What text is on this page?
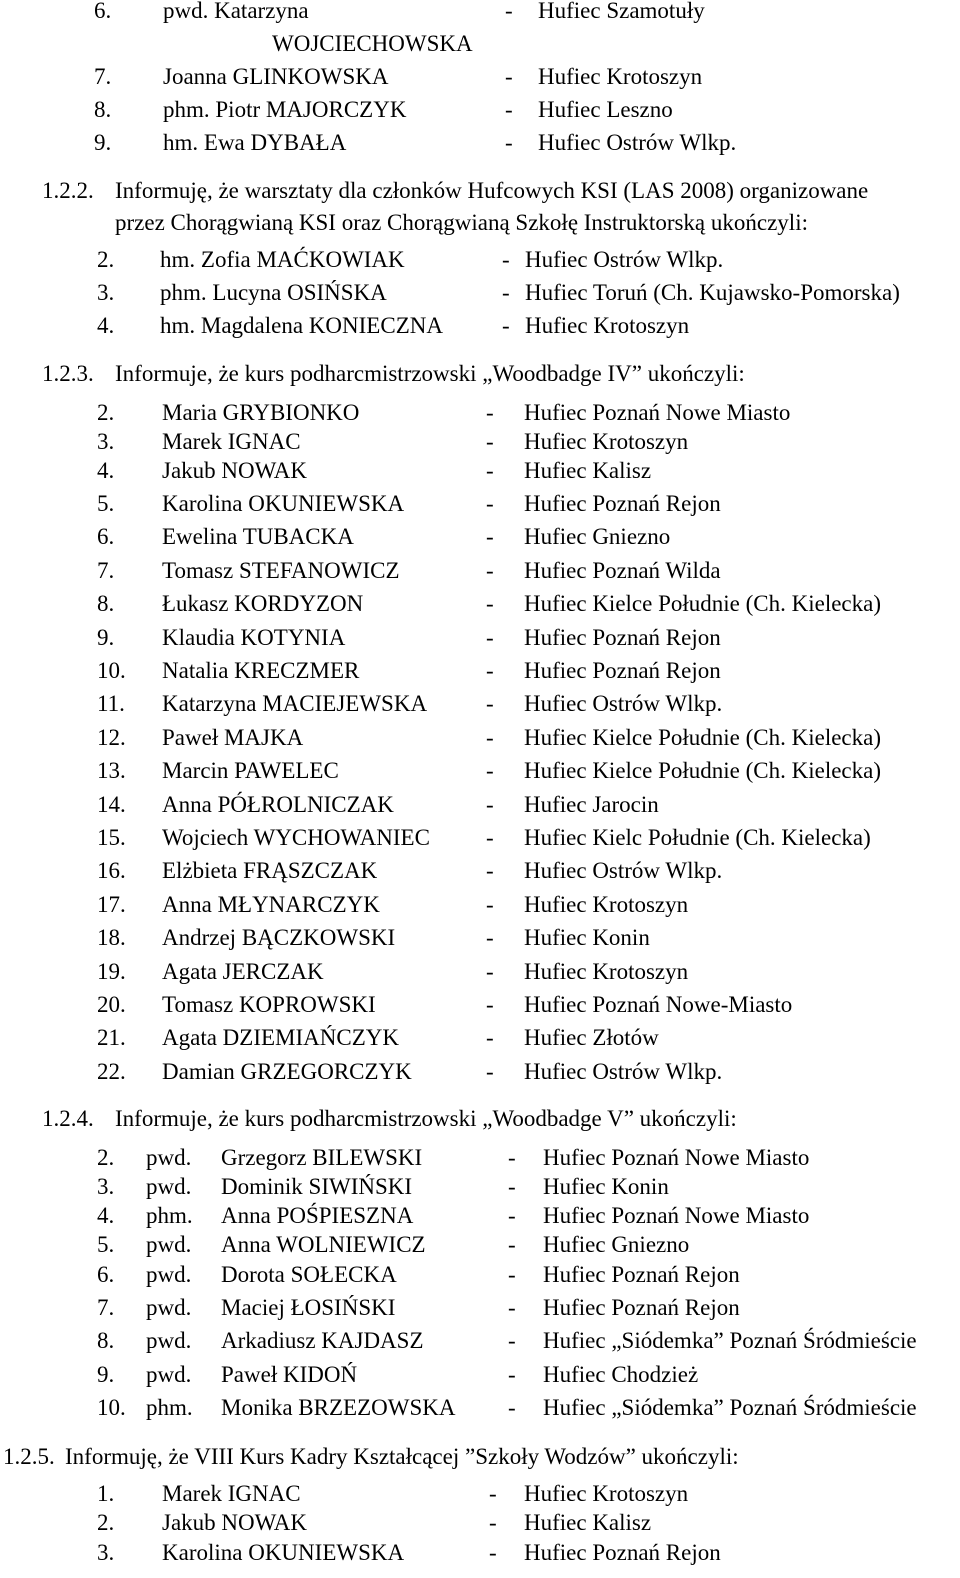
6. pwd. Katarzyna	- Hufiec Szamotuły
WOJCIECHOWSKA
7. Joanna GLINKOWSKA	- Hufiec Krotoszyn
8. phm. Piotr MAJORCZYK	- Hufiec Leszno
9. hm. Ewa DYBAŁA	- Hufiec Ostrów Wlkp.
1.2.2. Informuję, że warsztaty dla członków Hufcowych KSI (LAS 2008) organizowane
przez Chorągwianą KSI oraz Chorągwianą Szkołę Instruktorską ukończyli:
2. hm. Zofia MAĆKOWIAK	- Hufiec Ostrów Wlkp.
3. phm. Lucyna OSIŃSKA	- Hufiec Toruń (Ch. Kujawsko-Pomorska)
4. hm. Magdalena KONIECZNA	- Hufiec Krotoszyn
1.2.3. Informuje, że kurs podharcmistrzowski „Woodbadge IV” ukończyli:
2. Maria GRYBIONKO	- Hufiec Poznań Nowe Miasto
3. Marek IGNAC	- Hufiec Krotoszyn
4. Jakub NOWAK	- Hufiec Kalisz
5. Karolina OKUNIEWSKA	- Hufiec Poznań Rejon
6. Ewelina TUBACKA	- Hufiec Gniezno
7. Tomasz STEFANOWICZ	- Hufiec Poznań Wilda
8. Łukasz KORDYZON	- Hufiec Kielce Południe (Ch. Kielecka)
9. Klaudia KOTYNIA	- Hufiec Poznań Rejon
10. Natalia KRECZMER	- Hufiec Poznań Rejon
11. Katarzyna MACIEJEWSKA	- Hufiec Ostrów Wlkp.
12. Paweł MAJKA	- Hufiec Kielce Południe (Ch. Kielecka)
13. Marcin PAWELEC	- Hufiec Kielce Południe (Ch. Kielecka)
14. Anna PÓŁROLNICZAK	- Hufiec Jarocin
15. Wojciech WYCHOWANIEC - Hufiec Kielc Południe (Ch. Kielecka)
16. Elżbieta FRĄSZCZAK	- Hufiec Ostrów Wlkp.
17. Anna MŁYNARCZYK	- Hufiec Krotoszyn
18. Andrzej BĄCZKOWSKI	- Hufiec Konin
19. Agata JERCZAK	- Hufiec Krotoszyn
20. Tomasz KOPROWSKI	- Hufiec Poznań Nowe-Miasto
21. Agata DZIEMIAŃCZYK	- Hufiec Złotów
22. Damian GRZEGORCZYK	- Hufiec Ostrów Wlkp.
1.2.4. Informuje, że kurs podharcmistrzowski „Woodbadge V” ukończyli:
2. pwd. Grzegorz BILEWSKI	- Hufiec Poznań Nowe Miasto
3. pwd. Dominik SIWIŃSKI	- Hufiec Konin
4. phm. Anna POŚPIESZNA	- Hufiec Poznań Nowe Miasto
5. pwd. Anna WOLNIEWICZ	- Hufiec Gniezno
6. pwd. Dorota SOŁECKA	- Hufiec Poznań Rejon
7. pwd. Maciej ŁOSIŃSKI	- Hufiec Poznań Rejon
8. pwd. Arkadiusz KAJDASZ	- Hufiec „Siódemka” Poznań Śródmieście
9. pwd. Paweł KIDOŃ	- Hufiec Chodzież
10. phm. Monika BRZEZOWSKA - Hufiec „Siódemka” Poznań Śródmieście
1.2.5. Informuję, że VIII Kurs Kadry Kształcącej ”Szkoły Wodzów” ukończyli:
1. Marek IGNAC	- Hufiec Krotoszyn
2. Jakub NOWAK	- Hufiec Kalisz
3. Karolina OKUNIEWSKA	- Hufiec Poznań Rejon
